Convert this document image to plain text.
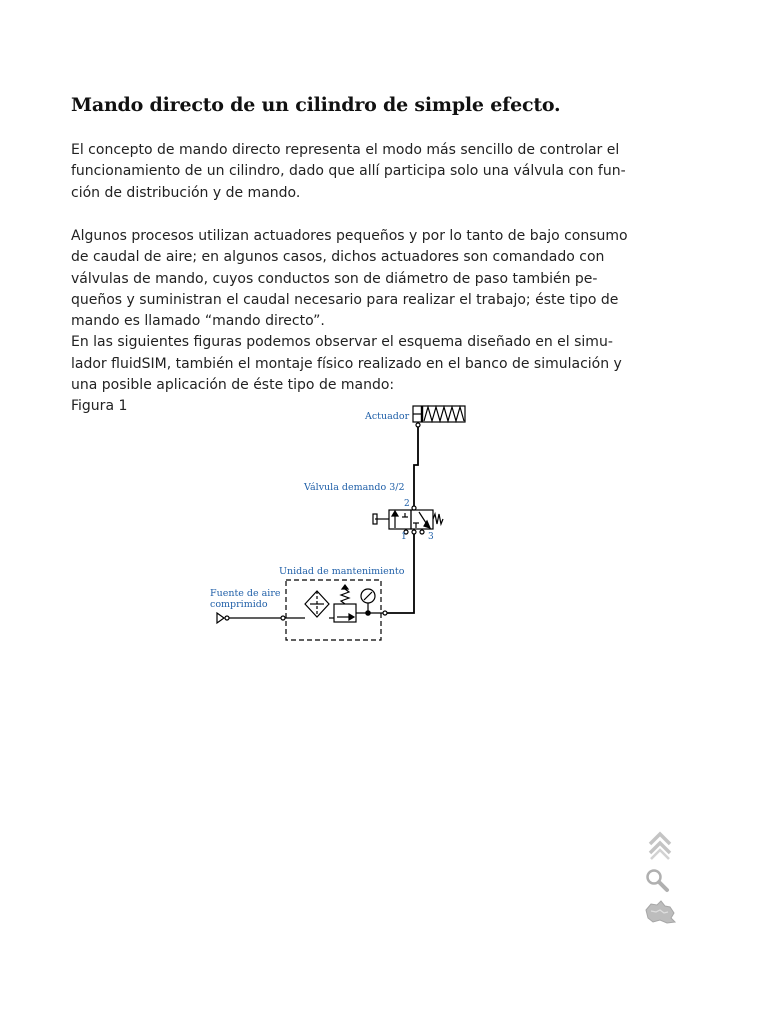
Mando directo de un cilindro de simple efecto.

El concepto de mando directo representa el modo más sencillo de controlar el
funcionamiento de un cilindro, dado que allí participa solo una válvula con fun-
ción de distribución y de mando.

Algunos procesos utilizan actuadores pequeños y por lo tanto de bajo consumo
de caudal de aire; en algunos casos, dichos actuadores son comandado con
válvulas de mando, cuyos conductos son de diámetro de paso también pe-
queños y suministran el caudal necesario para realizar el trabajo; éste tipo de
mando es llamado “mando directo”.
En las siguientes figuras podemos observar el esquema diseñado en el simu-
lador fluidSIM, también el montaje físico realizado en el banco de simulación y
una posible aplicación de éste tipo de mando:

Figura 1
Actuador
Válvula demando 3/2
2
1 3
Unidad de mantenimiento
Fuente de aire
comprimido
